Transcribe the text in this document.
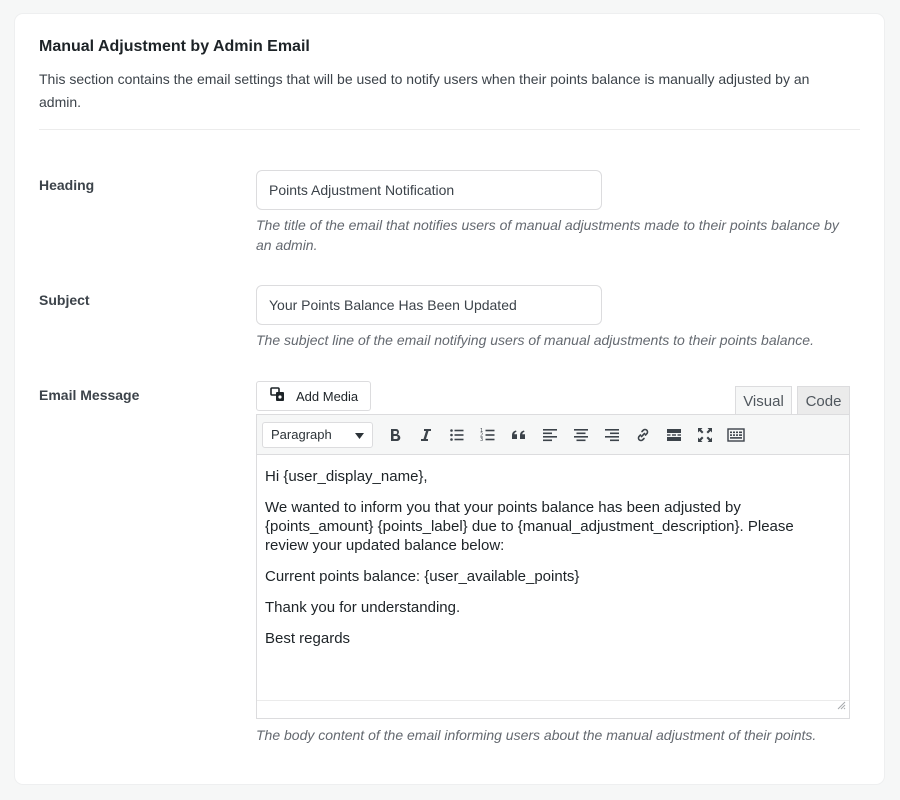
Manual Adjustment by Admin Email
This section contains the email settings that will be used to notify users when their points balance is manually adjusted by an admin.
Heading
Points Adjustment Notification
The title of the email that notifies users of manual adjustments made to their points balance by an admin.
Subject
Your Points Balance Has Been Updated
The subject line of the email notifying users of manual adjustments to their points balance.
Email Message	Add Media	Visual	Code
Paragraph	1
2
3

Hi {user_display_name},

We wanted to inform you that your points balance has been adjusted by {points_amount} {points_label} due to {manual_adjustment_description}. Please review your updated balance below:

Current points balance: {user_available_points}

Thank you for understanding.

Best regards

The body content of the email informing users about the manual adjustment of their points.
